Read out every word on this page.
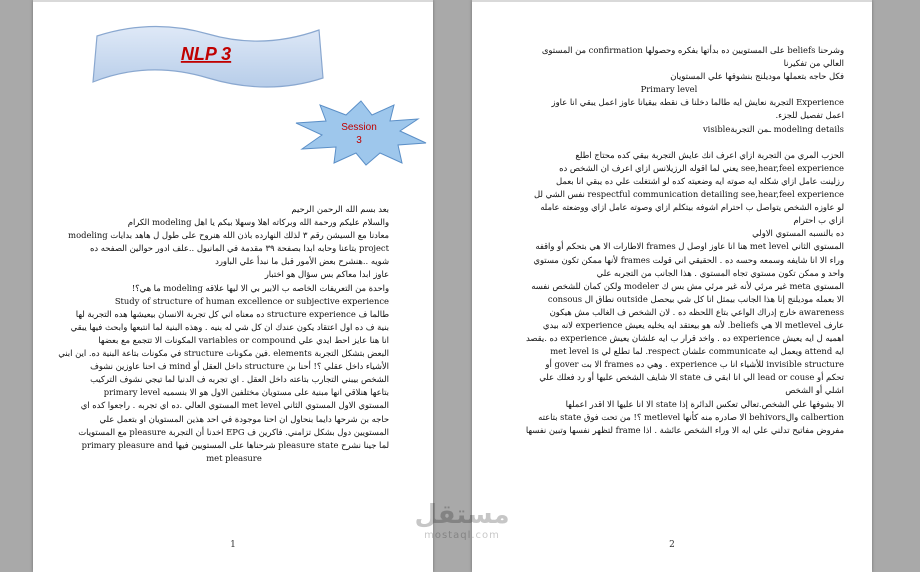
NLP 3
Session
3
بعد بسم الله الرحمن الرحيم
والسلام عليكم ورحمة الله وبركاته اهلا وسهلا بيكم يا اهل modeling الكرام
معادنا مع السيشن رقم ٣ لذلك النهارده باذن الله هنروح على طول ل هاهد بدايات modeling
project بتاعنا وحابه ابدا بصفحة ٣٩ مقدمة في المانيول ..علف ادور حوالين الصفحه ده
شويه ..هنشرح بعض الأمور قبل ما نبدأ علي الباورد
عاوز ابدا معاكم بس سؤال هو اختبار
واحدة من التعريفات الخاصه ب الابير بي الا ليها علاقه modeling ما هي؟!
Study of structure of human excellence or subjective experience
طالما ف structure experience ده معناه اني كل تجربة الانسان بيعيشها هده التجربة لها
بنية ف ده اول اعتقاد يكون عندك ان كل شي له بنيه . وهذه البنية لما انتبعها وابحث فيها يبقي
انا هنا عايز احط ايدي علي variables or compound المكونات الا تتجمع مع بعضها
البعض بتشكل التجربة elements .فين مكونات structure في مكونات بتاعة البنية ده. اين ابني
الأشياء داخل عقلي ؟! أحنا بن structure داخل العقل أو mind ف احنا عاوزين نشوف
الشخص بيبني التجارب بتاعته داخل العقل . اي تجربه ف الدنيا لما تيجي نشوف التركيب
بتاعها هنلاقي انها مبنية على مستويان مختلفين الاول هو الا بنسميه primary level
المستوي الاول المستوي الثاني met level المستوي العالي .ده اي تجربه . راجعوا كده اي
حاجه بن شرحها دايما بنحاول ان احنا موجودة في احد هذين المستويان او بتعمل علي
المستويين دول بشكل تزامني. فاكرين ف EPG اخدنا أن التجربة pleasure مع المستويات
لما جينا نشرح pleasure state شرحناها على المستويين فيها primary pleasure and
met pleasure
1
وشرحنا beliefs على المستويين ده بدأتها بفكره وحصولها confirmation من المستوى
العالي من تفكيرنا
فكل حاجه بتعملها موديلنج بنشوفها علي المستويان
Primary level
Experience التجربة نعايش ايه طالما دخلنا ف نقطه بيقيانا عاوز اعمل يبقي انا عاوز
اعمل تفصيل للجزء.
modeling details ـمن التجربةvisible

الحزب المري من التجربة ازاي اعرف انك عايش التجربة بيقي كده محتاج اطلع
see,hear,feel experience يعني لما اقوله الرزيلانس ازاي اعرف ان الشخص ده
رزلينت عامل ازاي شكله ايه صوته ايه وضعيته كده لو اشتغلت علي ده يبقي انا بعمل
respectful communication detailing see,hear,feel experience نفس الشي لل
لو عاوزه الشخص يتواصل ب احترام اشوفه بيتكلم ازاي وصوته عامل ازاي ووضعته عامله
ازاي ب احترام
ده بالنسبه المستوي الاولي
المستوي الثاني met level هنا انا عاوز اوصل ل frames الاطارات الا هي بتحكم أو واقفه
وراء الا انا شايفه وسمعه وحسه ده . الحقيقي اني قولت frames لأنها ممكن تكون مستوي
واحد و ممكن تكون مستوي تجاه المستوي . هذا الجانب من التجربه علي
المستوي meta غير مرئي لأنه غير مرئي مش بس ك modeler ولكن كمان للشخص نفسه
الا بعمله موديلنج إنا هذا الجانب بيمثل انا كل شي بيحصل outside نطاق ال consous
awareness خارج إدراك الواعي بتاع اللحظه ده . لان الشخص ف الغالب مش هيكون
عارف metlevel الا هي beliefs. لأنه هو بيعتقد ايه يخليه يعيش experience لانه بيدي
اهميه ل ايه يعيش experience ده . واخد قرار ب ايه علشان يعيش experience ده .يقصد
ايه attend ويعمل ايه communicate علشان respect. لما تطلع لي met level is
invisible structure للأشياء انا ب experience . وهي ده frames الا بت gover أو
تحكم أو lead or couse الي انا ابقي ف state الا شايف الشخص عليها أو رد فعلك علي
اشلي أو الشخص
الا بشوفها علي الشخص.تعالي تعكس الدائرة إذا state الا انا عليها الا اقدر اعملها
calbertion والbehivors الا صادره منه كأنها metlevel ؟! من تحت فوق state بتاعته
مفروض مفاتيح تدلني علي ايه الا وراء الشخص عائشة . اذا frame لتظهر نفسها وتبين نفسها
2
مستقل
mostaql.com
